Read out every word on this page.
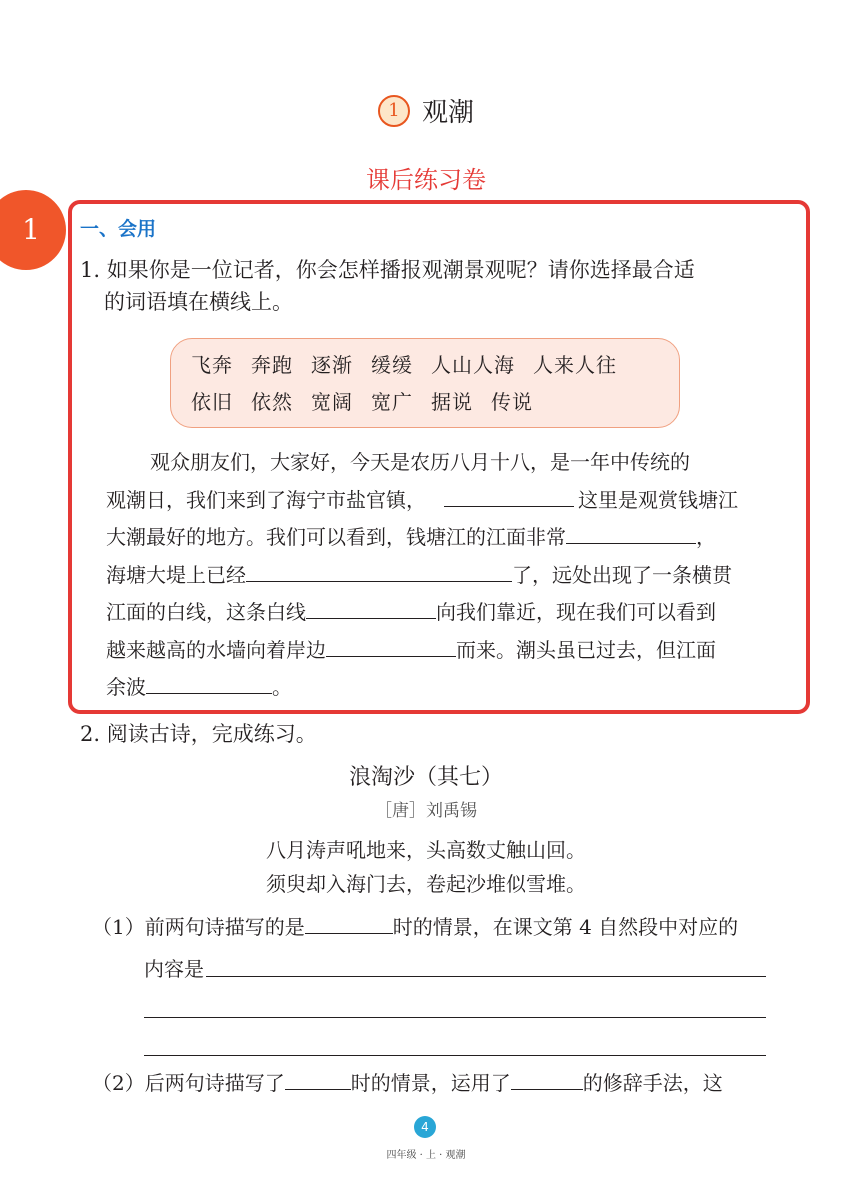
1 观潮
课后练习卷
1	一、会用
1. 如果你是一位记者，你会怎样播报观潮景观呢？请你选择最合适
的词语填在横线上。
飞奔 奔跑 逐渐 缓缓 人山人海 人来人往
依旧 依然 宽阔 宽广 据说 传说

观众朋友们，大家好，今天是农历八月十八，是一年中传统的

观潮日，我们来到了海宁市盐官镇，	这里是观赏钱塘江

大潮最好的地方。我们可以看到，钱塘江的江面非常	，

海塘大堤上已经	了，远处出现了一条横贯

江面的白线，这条白线	向我们靠近，现在我们可以看到

越来越高的水墙向着岸边	而来。潮头虽已过去，但江面

余波	。

2. 阅读古诗，完成练习。
浪淘沙（其七）
［唐］刘禹锡
八月涛声吼地来，头高数丈触山回。
须臾却入海门去，卷起沙堆似雪堆。
（1）前两句诗描写的是	时的情景，在课文第 4 自然段中对应的
内容是
（2）后两句诗描写了	时的情景，运用了	的修辞手法，这
4
四年级 · 上 · 观潮
